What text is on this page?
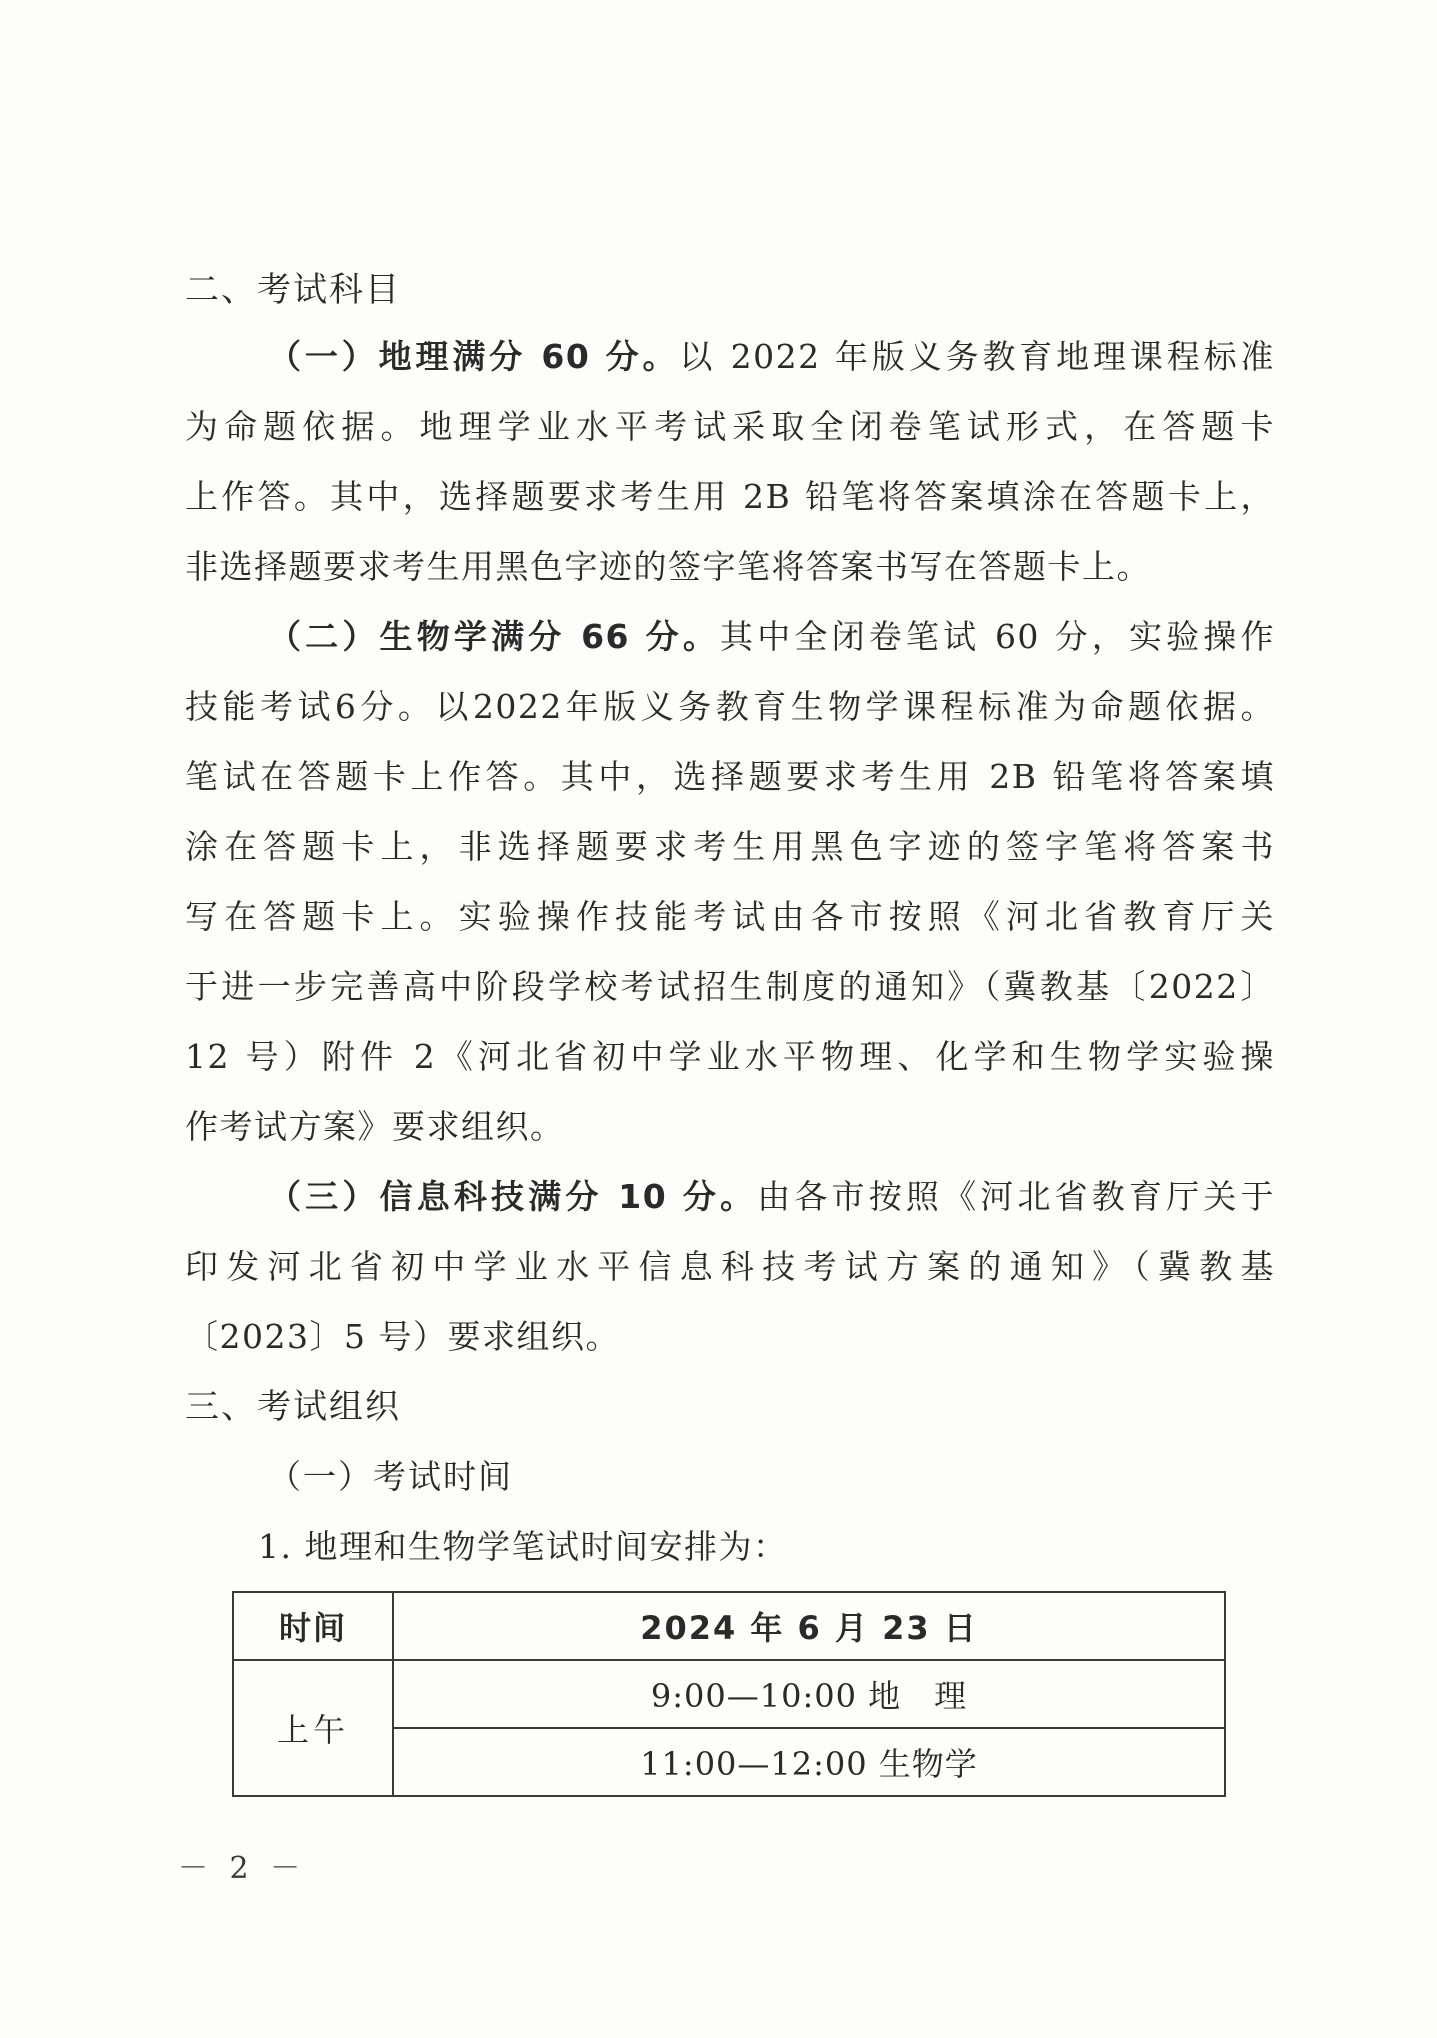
二、考试科目
（一）地理满分 60 分。以 2022 年版义务教育地理课程标准
为命题依据。地理学业水平考试采取全闭卷笔试形式，在答题卡
上作答。其中，选择题要求考生用 2B 铅笔将答案填涂在答题卡上，
非选择题要求考生用黑色字迹的签字笔将答案书写在答题卡上。
（二）生物学满分 66 分。其中全闭卷笔试 60 分，实验操作
技能考试6分。以2022年版义务教育生物学课程标准为命题依据。
笔试在答题卡上作答。其中，选择题要求考生用 2B 铅笔将答案填
涂在答题卡上，非选择题要求考生用黑色字迹的签字笔将答案书
写在答题卡上。实验操作技能考试由各市按照《河北省教育厅关
于进一步完善高中阶段学校考试招生制度的通知》（冀教基〔2022〕
12 号）附件 2《河北省初中学业水平物理、化学和生物学实验操
作考试方案》要求组织。
（三）信息科技满分 10 分。由各市按照《河北省教育厅关于
印发河北省初中学业水平信息科技考试方案的通知》（冀教基
〔2023〕5 号）要求组织。
三、考试组织
（一）考试时间
1. 地理和生物学笔试时间安排为：
时间	2024 年 6 月 23 日
上午	9:00—10:00 地　理
	11:00—12:00 生物学
－ 2 －
